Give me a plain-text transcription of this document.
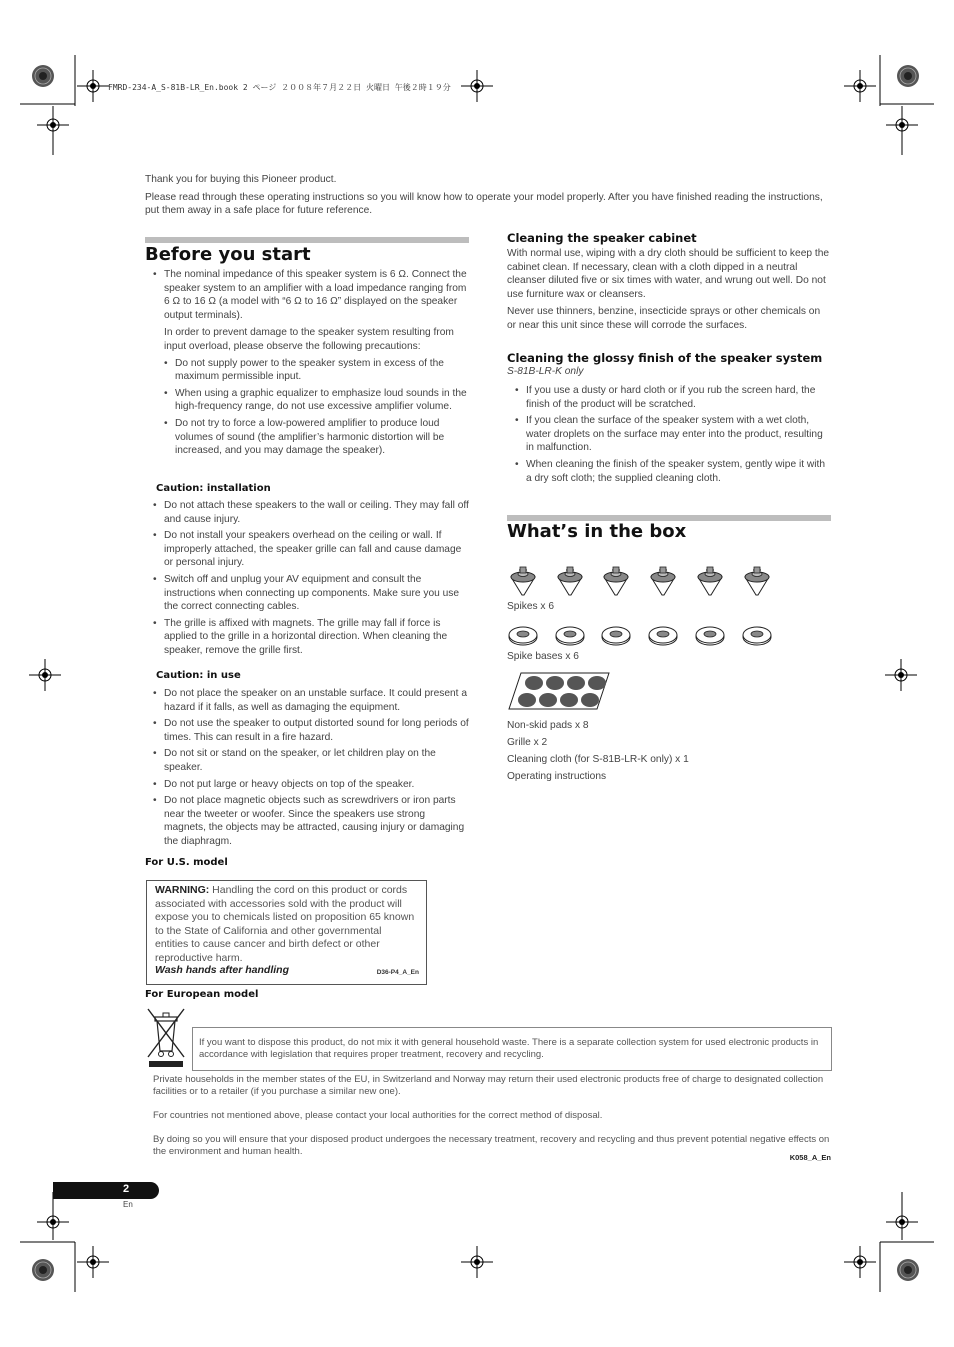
FMRD-234-A_S-81B-LR_En.book 2 ページ ２００８年７月２２日 火曜日 午後２時１９分

Thank you for buying this Pioneer product.

Please read through these operating instructions so you will know how to operate your model properly. After you have finished reading the instructions, put them away in a safe place for future reference.

Before you start
• The nominal impedance of this speaker system is 6 Ω. Connect the speaker system to an amplifier with a load impedance ranging from 6 Ω to 16 Ω (a model with “6 Ω to 16 Ω” displayed on the speaker output terminals).

In order to prevent damage to the speaker system resulting from input overload, please observe the following precautions:

• Do not supply power to the speaker system in excess of the maximum permissible input.
• When using a graphic equalizer to emphasize loud sounds in the high-frequency range, do not use excessive amplifier volume.
• Do not try to force a low-powered amplifier to produce loud volumes of sound (the amplifier’s harmonic distortion will be increased, and you may damage the speaker).
Caution: installation
• Do not attach these speakers to the wall or ceiling. They may fall off and cause injury.
• Do not install your speakers overhead on the ceiling or wall. If improperly attached, the speaker grille can fall and cause damage or personal injury.
• Switch off and unplug your AV equipment and consult the instructions when connecting up components. Make sure you use the correct connecting cables.
• The grille is affixed with magnets. The grille may fall if force is applied to the grille in a horizontal direction. When cleaning the speaker, remove the grille first.
Caution: in use
• Do not place the speaker on an unstable surface. It could present a hazard if it falls, as well as damaging the equipment.
• Do not use the speaker to output distorted sound for long periods of times. This can result in a fire hazard.
• Do not sit or stand on the speaker, or let children play on the speaker.
• Do not put large or heavy objects on top of the speaker.
• Do not place magnetic objects such as screwdrivers or iron parts near the tweeter or woofer. Since the speakers use strong magnets, the objects may be attracted, causing injury or damaging the diaphragm.
For U.S. model
WARNING: Handling the cord on this product or cords associated with accessories sold with the product will expose you to chemicals listed on proposition 65 known to the State of California and other governmental entities to cause cancer and birth defect or other reproductive harm.
Wash hands after handling	D36-P4_A_En
For European model
Cleaning the speaker cabinet

With normal use, wiping with a dry cloth should be sufficient to keep the cabinet clean. If necessary, clean with a cloth dipped in a neutral cleanser diluted five or six times with water, and wrung out well. Do not use furniture wax or cleansers.

Never use thinners, benzine, insecticide sprays or other chemicals on or near this unit since these will corrode the surfaces.

Cleaning the glossy finish of the speaker system
S-81B-LR-K only
• If you use a dusty or hard cloth or if you rub the screen hard, the finish of the product will be scratched.
• If you clean the surface of the speaker system with a wet cloth, water droplets on the surface may enter into the product, resulting in malfunction.
• When cleaning the finish of the speaker system, gently wipe it with a dry soft cloth; the supplied cleaning cloth.
What’s in the box
Spikes x 6
Spike bases x 6
Non-skid pads x 8
Grille x 2
Cleaning cloth (for S-81B-LR-K only) x 1
Operating instructions
If you want to dispose this product, do not mix it with general household waste. There is a separate collection system for used electronic products in accordance with legislation that requires proper treatment, recovery and recycling.

Private households in the member states of the EU, in Switzerland and Norway may return their used electronic products free of charge to designated collection facilities or to a retailer (if you purchase a similar new one).

For countries not mentioned above, please contact your local authorities for the correct method of disposal.

By doing so you will ensure that your disposed product undergoes the necessary treatment, recovery and recycling and thus prevent potential negative effects on the environment and human health.

K058_A_En
2
En
